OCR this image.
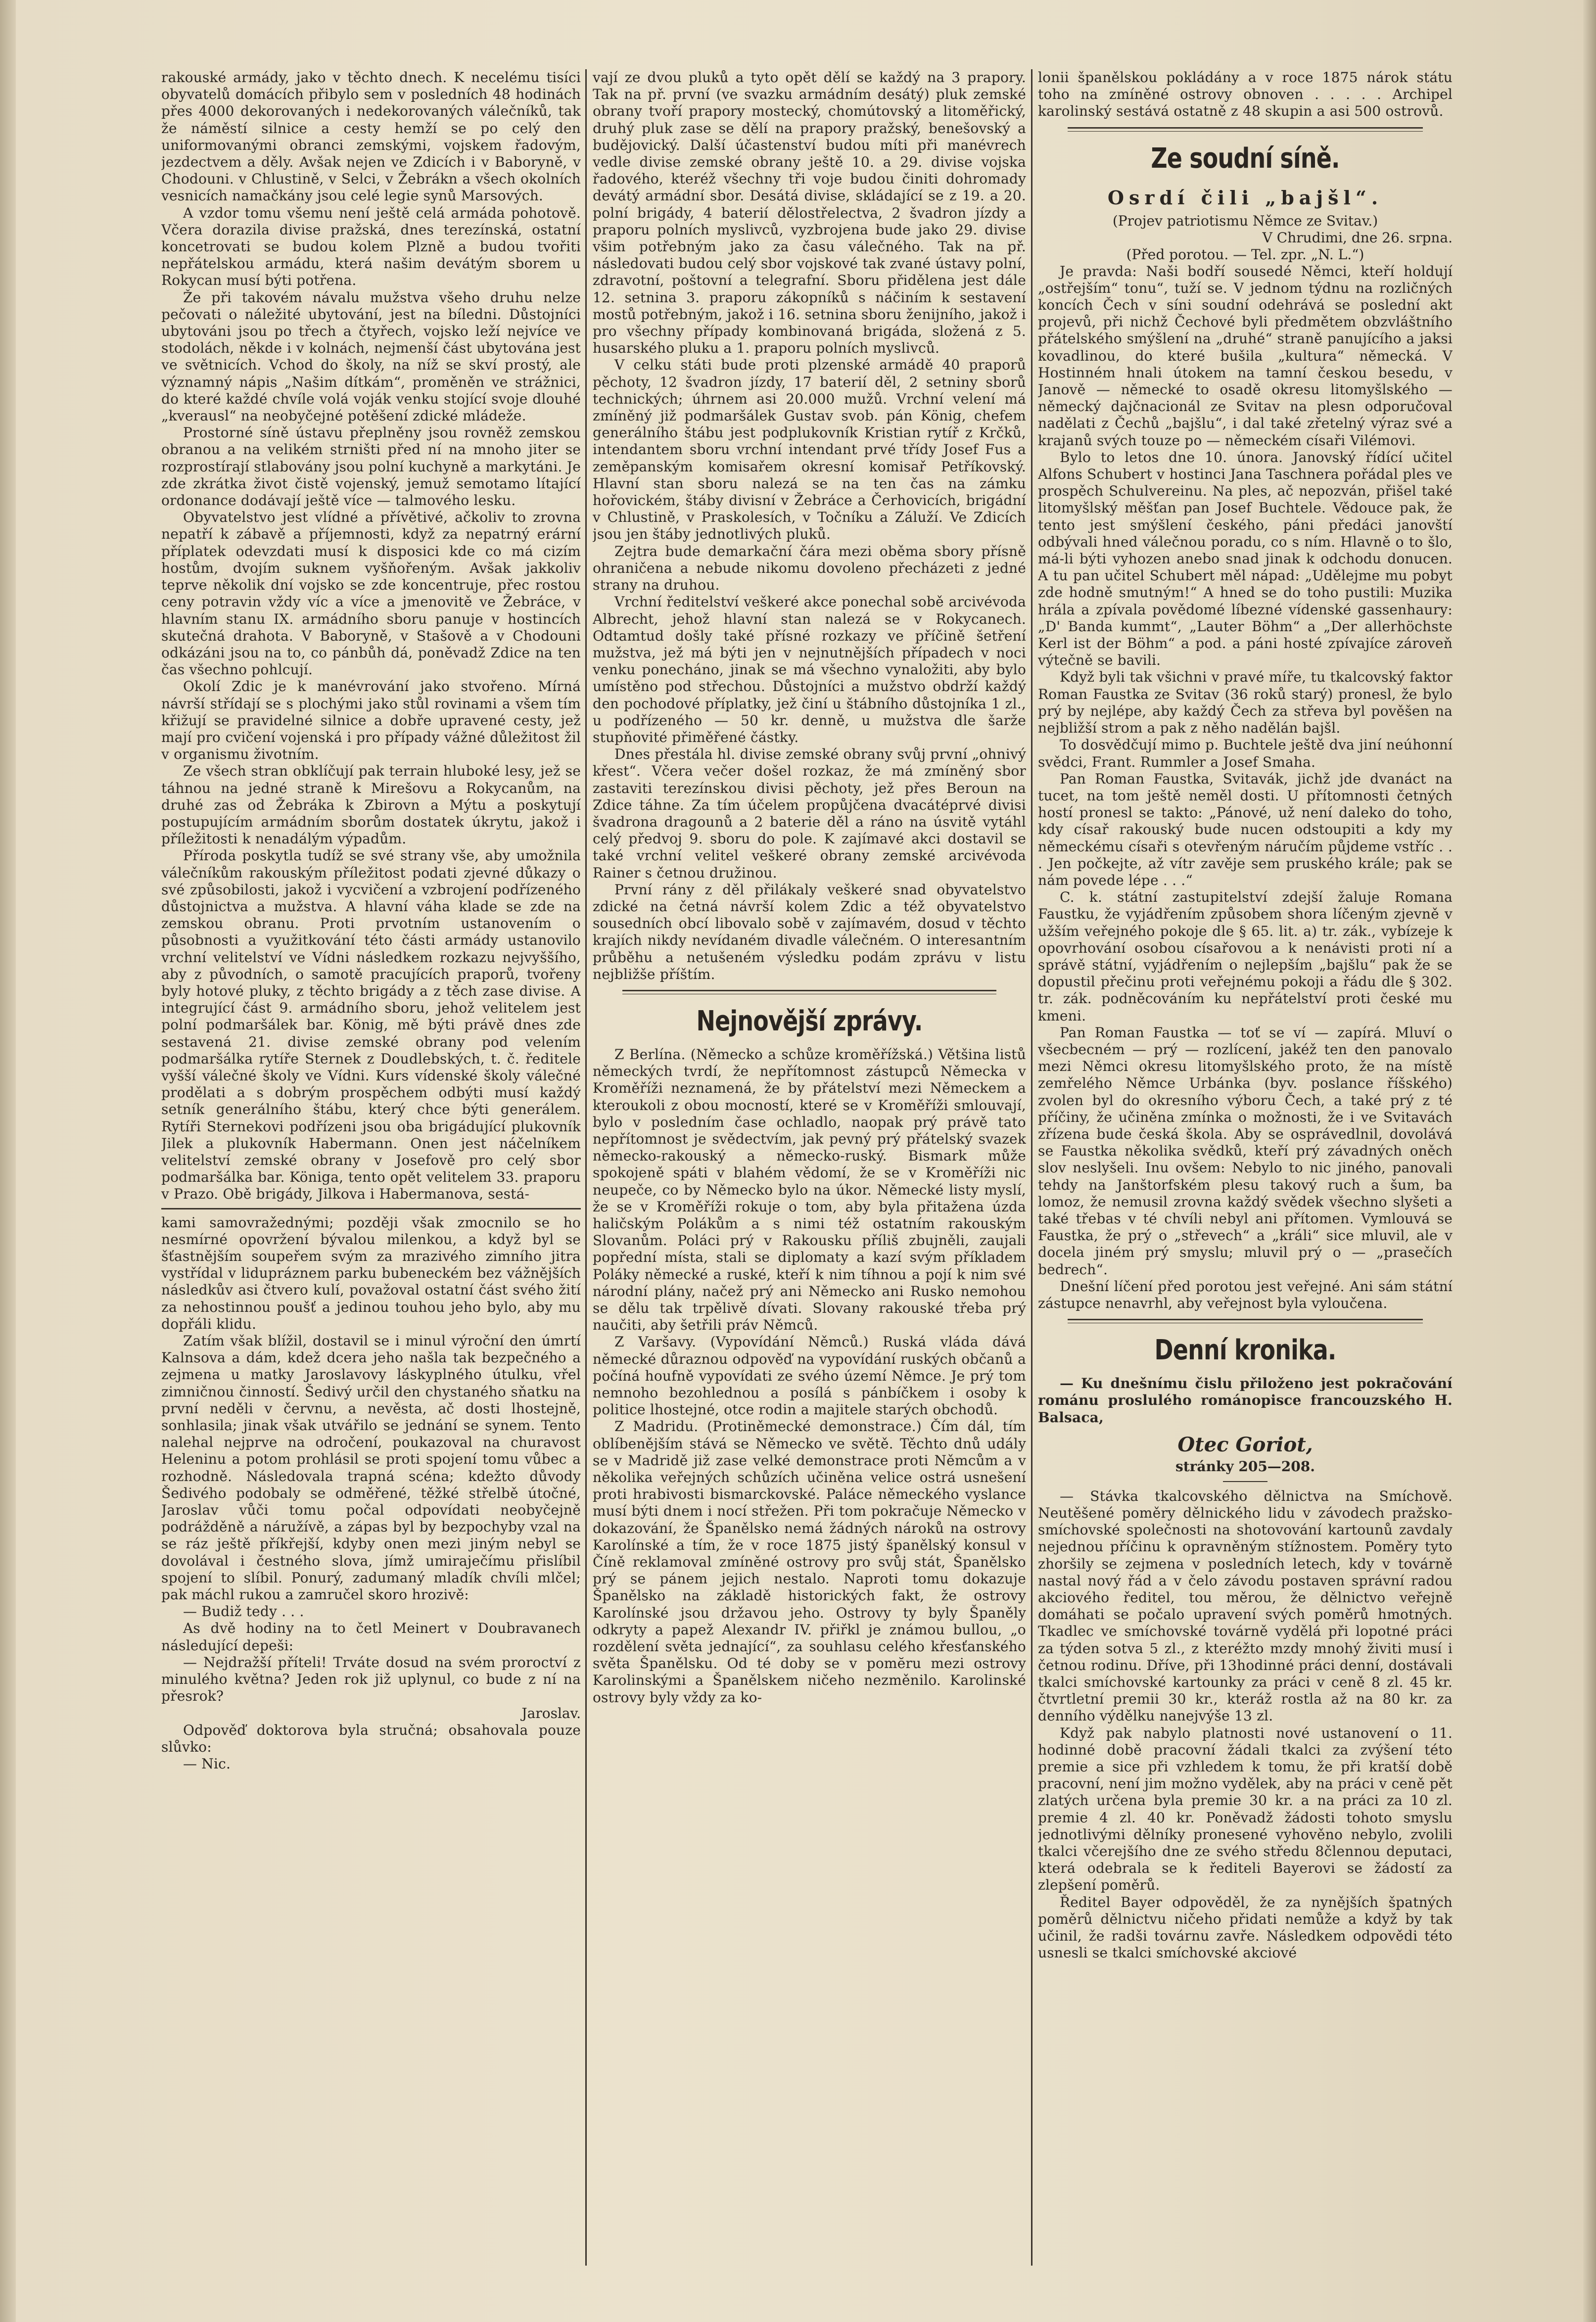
rakouské armády, jako v těchto dnech. K necelému tisíci obyvatelů domácích přibylo sem v posledních 48 hodinách přes 4000 dekorovaných i nedekorovaných válečníků, tak že náměstí silnice a cesty hemží se po celý den uniformovanými obranci zemskými, vojskem řadovým, jezdectvem a děly. Avšak nejen ve Zdicích i v Baboryně, v Chodouni. v Chlustině, v Selci, v Žebrákn a všech okolních vesnicích namačkány jsou celé legie synů Marsových.

A vzdor tomu všemu není ještě celá armáda pohotově. Včera dorazila divise pražská, dnes terezínská, ostatní koncetrovati se budou kolem Plzně a budou tvořiti nepřátelskou armádu, která našim devátým sborem u Rokycan musí býti potřena.

Že při takovém návalu mužstva všeho druhu nelze pečovati o náležité ubytování, jest na bíledni. Důstojníci ubytováni jsou po třech a čtyřech, vojsko leží nejvíce ve stodolách, někde i v kolnách, nejmenší část ubytována jest ve světnicích. Vchod do školy, na níž se skví prostý, ale významný nápis „Našim dítkám“, proměněn ve strážnici, do které každé chvíle volá voják venku stojící svoje dlouhé „kverausl“ na neobyčejné potěšení zdické mládeže.

Prostorné síně ústavu přeplněny jsou rovněž zemskou obranou a na velikém strništi před ní na mnoho jiter se rozprostírají stlabovány jsou polní kuchyně a markytáni. Je zde zkrátka život čistě vojenský, jemuž semotamo lítající ordonance dodávají ještě více — talmového lesku.

Obyvatelstvo jest vlídné a přívětivé, ačkoliv to zrovna nepatří k zábavě a příjemnosti, když za nepatrný erární příplatek odevzdati musí k disposici kde co má cizím hostům, dvojím suknem vyšňořeným. Avšak jakkoliv teprve několik dní vojsko se zde koncentruje, přec rostou ceny potravin vždy víc a více a jmenovitě ve Žebrácе, v hlavním stanu IX. armádního sboru panuje v hostincích skutečná drahota. V Baboryně, v Stašově a v Chodouni odkázáni jsou na to, co pánbůh dá, poněvadž Zdice na ten čas všechno pohlcují.

Okolí Zdic je k manévrování jako stvořeno. Mírná návrší střídají se s plochými jako stůl rovinami a všem tím křižují se pravidelné silnice a dobře upravené cesty, jež mají pro cvičení vojenská i pro případy vážné důležitost žil v organismu životním.

Ze všech stran obklíčují pak terrain hluboké lesy, jež se táhnou na jedné straně k Mirešovu a Rokycanům, na druhé zas od Žebráka k Zbirovn a Mýtu a poskytují postupujícím armádním sborům dostatek úkrytu, jakož i příležitosti k nenadálým výpadům.

Příroda poskytla tudíž se své strany vše, aby umožnila válečníkům rakouským příležitost podati zjevné důkazy o své způsobilosti, jakož i vycvičení a vzbrojení podřízeného důstojnictva a mužstva. A hlavní váha klade se zde na zemskou obranu. Proti prvotním ustanovením o působnosti a využitkování této části armády ustanovilo vrchní velitelství ve Vídni následkem rozkazu nejvyššího, aby z původních, o samotě pracujících praporů, tvořeny byly hotové pluky, z těchto brigády a z těch zase divise. A integrující část 9. armádního sboru, jehož velitelem jest polní podmaršálek bar. König, mě býti právě dnes zde sestavená 21. divise zemské obrany pod velením podmaršálka rytíře Sternek z Doudlebských, t. č. ředitele vyšší válečné školy ve Vídni. Kurs vídenské školy válečné prodělati a s dobrým prospěchem odbýti musí každý setník generálního štábu, který chce býti generálem. Rytíři Sternekovi podřízeni jsou oba brigádující plukovník Jilek a plukovník Habermann. Onen jest náčelníkem velitelství zemské obrany v Josefově pro celý sbor podmaršálka bar. Königa, tento opět velitelem 33. praporu v Prazo. Obě brigády, Jilkova i Habermanova, sestá-

kami samovražednými; později však zmocnilo se ho nesmírné opovržení bývalou milenkou, a když byl se šťastnějším soupeřem svým za mrazivého zimního jitra vystřídal v lidupráznem parku bubeneckém bez vážnějších následkův asi čtvero kulí, považoval ostatní část svého žití za nehostinnou poušť a jedinou touhou jeho bylo, aby mu dopřáli klidu.

Zatím však blížil, dostavil se i minul výroční den úmrtí Kalnsova a dám, kdež dcera jeho našla tak bezpečného a zejmena u matky Jaroslavovy láskyplného útulku, vřel zimničnou činností. Šedivý určil den chystaného sňatku na první neděli v červnu, a nevěsta, ač dosti lhostejně, sonhlasila; jinak však utvářilo se jednání se synem. Tento nalehal nejprve na odročení, poukazoval na churavost Heleninu a potom prohlásil se proti spojení tomu vůbec a rozhodně. Následovala trapná scéna; kdežto důvody Šedivého podobaly se odměřené, těžké střelbě útočné, Jaroslav vůči tomu počal odpovídati neobyčejně podrážděně a náružívě, a zápas byl by bezpochyby vzal na se ráz ještě příkřejší, kdyby onen mezi jiným nebyl se dovolával i čestného slova, jímž umiraječímu přislíbil spojení to slíbil. Ponurý, zadumaný mladík chvíli mlčel; pak máchl rukou a zamručel skoro hrozivě:

— Budiž tedy . . .

As dvě hodiny na to četl Meinert v Doubravanech následující depeši:

— Nejdražší příteli! Trváte dosud na svém proroctví z minulého května? Jeden rok již uplynul, co bude z ní na přesrok?

Jaroslav.

Odpověď doktorova byla stručná; obsahovala pouze slůvko:

— Nic.

vají ze dvou pluků a tyto opět dělí se každý na 3 prapory. Tak na př. první (ve svazku armádním desátý) pluk zemské obrany tvoří prapory mostecký, chomútovský a litoměřický, druhý pluk zase se dělí na prapory pražský, benešovský a budějovický. Další účastenství budou míti při manévrech vedle divise zemské obrany ještě 10. a 29. divise vojska řadového, kteréž všechny tři voje budou činiti dohromady devátý armádní sbor. Desátá divise, skládající se z 19. a 20. polní brigády, 4 baterií dělostřelectva, 2 švadron jízdy a praporu polních myslivců, vyzbrojena bude jako 29. divise všim potřebným jako za času válečného. Tak na př. následovati budou celý sbor vojskové tak zvané ústavy polní, zdravotní, poštovní a telegrafní. Sboru přidělena jest dále 12. setnina 3. praporu zákopníků s náčiním k sestavení mostů potřebným, jakož i 16. setnina sboru ženijního, jakož i pro všechny případy kombinovaná brigáda, složená z 5. husarského pluku a 1. praporu polních myslivců.

V celku státi bude proti plzenské armádě 40 praporů pěchoty, 12 švadron jízdy, 17 baterií děl, 2 setniny sborů technických; úhrnem asi 20.000 mužů. Vrchní velení má zmíněný již podmaršálek Gustav svob. pán König, chefem generálního štábu jest podplukovník Kristian rytíř z Krčků, intendantem sboru vrchní intendant prvé třídy Josef Fus a zeměpanským komisařem okresní komisař Petříkovský. Hlavní stan sboru nalezá se na ten čas na zámku hořovickém, štáby divisní v Žebráce a Čerhovicích, brigádní v Chlustině, v Praskolesích, v Točníku a Záluží. Ve Zdicích jsou jen štáby jednotlivých pluků.

Zejtra bude demarkační čára mezi oběma sbory přísně ohraničena a nebude nikomu dovoleno přecházeti z jedné strany na druhou.

Vrchní ředitelství veškeré akce ponechal sobě arcivévoda Albrecht, jehož hlavní stan nalezá se v Rokycanech. Odtamtud došly také přísné rozkazy ve příčině šetření mužstva, jež má býti jen v nejnutnějších případech v noci venku ponecháno, jinak se má všechno vynaložiti, aby bylo umístěno pod střechou. Důstojníci a mužstvo obdrží každý den pochodové příplatky, jež činí u štábního důstojníka 1 zl., u podřízeného — 50 kr. denně, u mužstva dle šarže stupňovité přiměřené částky.

Dnes přestála hl. divise zemské obrany svůj první „ohnivý křest“. Včera večer došel rozkaz, že má zmíněný sbor zastaviti terezínskou divisi pěchoty, jež přes Beroun na Zdice táhne. Za tím účelem propůjčena dvacátéprvé divisi švadrona dragounů a 2 baterie děl a ráno na úsvitě vytáhl celý předvoj 9. sboru do pole. K zajímavé akci dostavil se také vrchní velitel veškeré obrany zemské arcivévoda Rainer s četnou družinou.

První rány z děl přilákaly veškeré snad obyvatelstvo zdické na četná návrší kolem Zdic a též obyvatelstvo sousedních obcí libovalo sobě v zajímavém, dosud v těchto krajích nikdy nevídaném divadle válečném. O interesantním průběhu a netušeném výsledku podám zprávu v listu nejbližše příštím.

Nejnovější zprávy.

Z Berlína. (Německo a schůze kroměřížská.) Většina listů německých tvrdí, že nepřítomnost zástupců Německa v Kroměříži neznamená, že by přátelství mezi Německem a kteroukoli z obou mocností, které se v Kroměříži smlouvají, bylo v posledním čase ochladlo, naopak prý právě tato nepřítomnost je svědectvím, jak pevný prý přátelský svazek německo-rakouský a německo-ruský. Bismark může spokojeně spáti v blahém vědomí, že se v Kroměříži nic neupeče, co by Německo bylo na úkor. Německé listy myslí, že se v Kroměříži rokuje o tom, aby byla přitažena úzda haličským Polákům a s nimi též ostatním rakouským Slovanům. Poláci prý v Rakousku příliš zbujněli, zaujali popřední místa, stali se diplomaty a kazí svým příkladem Poláky německé a ruské, kteří k nim tíhnou a pojí k nim své národní plány, načež prý ani Německo ani Rusko nemohou se dělu tak trpělivě dívati. Slovany rakouské třeba prý naučiti, aby šetřili práv Němců.

Z Varšavy. (Vypovídání Němců.) Ruská vláda dává německé důraznou odpověď na vypovídání ruských občanů a počíná houfně vypovídati ze svého území Němce. Je prý tom nemnoho bezohlednou a posílá s pánbíčkem i osoby k politice lhostejné, otce rodin a majitele starých obchodů.

Z Madridu. (Protiněmecké demonstrace.) Čím dál, tím oblíbenějším stává se Německo ve světě. Těchto dnů udály se v Madridě již zase velké demonstrace proti Němcům a v několika veřejných schůzích učiněna velice ostrá usnešení proti hrabivosti bismarckovské. Paláce německého vyslance musí býti dnem i nocí střežen. Při tom pokračuje Německo v dokazování, že Španělsko nemá žádných nároků na ostrovy Karolínské a tím, že v roce 1875 jistý španělský konsul v Číně reklamoval zmíněné ostrovy pro svůj stát, Španělsko prý se pánem jejich nestalo. Naproti tomu dokazuje Španělsko na základě historických fakt, že ostrovy Karolínské jsou državou jeho. Ostrovy ty byly Španěly odkryty a papež Alexandr IV. přiřkl je známou bullou, „o rozdělení světa jednající“, za souhlasu celého křesťanského světa Španělsku. Od té doby se v pomĕru mezi ostrovy Karolinskými a Španělskem ničeho nezměnilo. Karolinské ostrovy byly vždy za ko-

lonii španělskou pokládány a v roce 1875 nárok státu toho na zmíněné ostrovy obnoven . . . . . Archipel karolinský sestává ostatně z 48 skupin a asi 500 ostrovů.

Ze soudní síně.
Osrdí čili „bajšl“.

(Projev patriotismu Němce ze Svitav.)

V Chrudimi, dne 26. srpna.

(Před porotou. — Tel. zpr. „N. L.“)

Je pravda: Naši bodří sousedé Němci, kteří holdují „ostřejším“ tonu“, tuží se. V jednom týdnu na rozličných koncích Čech v síni soudní odehrává se poslední akt projevů, při nichž Čechové byli předmětem obzvláštního přátelského smýšlení na „druhé“ straně panujícího a jaksi kovadlinou, do které bušila „kultura“ německá. V Hostinném hnali útokem na tamní českou besedu, v Janově — německé to osadě okresu litomyšlského — německý dajčnacionál ze Svitav na plesn odporučoval nadělati z Čechů „bajšlu“, i dal také zřetelný výraz své a krajanů svých touze po — německém císaři Vilémovi.

Bylo to letos dne 10. února. Janovský řídící učitel Alfons Schubert v hostinci Jana Taschnera pořádal ples ve prospěch Schulvereinu. Na ples, ač nepozván, přišel také litomyšlský měšťan pan Josef Buchtele. Vědouce pak, že tento jest smýšlení českého, páni předáci janovští odbývali hned válečnou poradu, co s ním. Hlavně o to šlo, má-li býti vyhozen anebo snad jinak k odchodu donucen. A tu pan učitel Schubert měl nápad: „Udělejme mu pobyt zde hodně smutným!“ A hned se do toho pustili: Muzika hrála a zpívala povědomé líbezné vídenské gassenhaury: „D' Banda kummt“, „Lauter Böhm“ a „Der allerhöchste Kerl ist der Böhm“ a pod. a páni hosté zpívajíce zároveň výtečně se bavili.

Když byli tak všichni v pravé míře, tu tkalcovský faktor Roman Faustka ze Svitav (36 roků starý) pronesl, že bylo prý by nejlépe, aby každý Čech za střeva byl pověšen na nejbližší strom a pak z něho nadělán bajšl.

To dosvědčují mimo p. Buchtele ještě dva jiní neúhonní svědci, Frant. Rummler a Josef Smaha.

Pan Roman Faustka, Svitavák, jichž jde dvanáct na tucet, na tom ještě neměl dosti. U přítomnosti četných hostí pronesl se takto: „Pánové, už není daleko do toho, kdy císař rakouský bude nucen odstoupiti a kdy my německému císaři s otevřeným náručím půjdeme vstříc . . . Jen počkejte, až vítr zavěje sem pruského krále; pak se nám povede lépe . . .“

C. k. státní zastupitelství zdejší žaluje Romana Faustku, že vyjádřením způsobem shora líčeným zjevně v užším veřejného pokoje dle § 65. lit. a) tr. zák., vybízeje k opovrhování osobou císařovou a k nenávisti proti ní a správě státní, vyjádřením o nejlepším „bajšlu“ pak že se dopustil přečinu proti veřejnému pokoji a řádu dle § 302. tr. zák. podněcováním ku nepřátelství proti české mu kmeni.

Pan Roman Faustka — toť se ví — zapírá. Mluví o všecbecném — prý — rozlícení, jakéž ten den panovalo mezi Němci okresu litomyšlského proto, že na místě zemřelého Němce Urbánka (byv. poslance říšského) zvolen byl do okresního výboru Čech, a také prý z té příčiny, že učiněna zmínka o možnosti, že i ve Svitavách zřízena bude česká škola. Aby se osprávedlnil, dovolává se Faustka několika svědků, kteří prý závadných oněch slov neslyšeli. Inu ovšem: Nebylo to nic jiného, panovali tehdy na Janštorfském plesu takový ruch a šum, ba lomoz, že nemusil zrovna každý svědek všechno slyšeti a také třebas v té chvíli nebyl ani přítomen. Vymlouvá se Faustka, že prý o „střevech“ a „králi“ sice mluvil, ale v docela jiném prý smyslu; mluvil prý o — „prasečích bedrech“.

Dnešní líčení před porotou jest veřejné. Ani sám státní zástupce nenavrhl, aby veřejnost byla vyloučena.

Denní kronika.

— Ku dnešnímu čislu přiloženo jest pokračování románu proslulého románopisce francouzského H. Balsaca,

Otec Goriot,

stránky 205—208.

— Stávka tkalcovského dělnictva na Smíchově. Neutěšené poměry dělnického lidu v závodech pražsko-smíchovské společnosti na shotovování kartounů zavdaly nejednou příčinu k opravněným stížnostem. Poměry tyto zhoršily se zejmena v posledních letech, kdy v továrně nastal nový řád a v čelo závodu postaven správní radou akciového ředitel, tou měrou, že dělnictvo veřejně domáhati se počalo upravení svých poměrů hmotných. Tkadlec ve smíchovské továrně vydělá při lopotné práci za týden sotva 5 zl., z kteréžto mzdy mnohý živiti musí i četnou rodinu. Dříve, při 13hodinné práci denní, dostávali tkalci smíchovské kartounky za práci v ceně 8 zl. 45 kr. čtvrtletní premii 30 kr., kteráž rostla až na 80 kr. za denního výdělku nanejvýše 13 zl.

Když pak nabylo platnosti nové ustanovení o 11. hodinné době pracovní žádali tkalci za zvýšení této premie a sice při vzhledem k tomu, že při kratší době pracovní, není jim možno vydělek, aby na práci v ceně pět zlatých určena byla premie 30 kr. a na práci za 10 zl. premie 4 zl. 40 kr. Poněvadž žádosti tohoto smyslu jednotlivými dělníky pronesené vyhověno nebylo, zvolili tkalci včerejšího dne ze svého středu 8člennou deputaci, která odebrala se k řediteli Bayerovi se žádostí za zlepšení poměrů.

Ředitel Bayer odpověděl, že za nynějších špatných poměrů dělnictvu ničeho přidati nemůže a když by tak učinil, že radši továrnu zavře. Následkem odpovědi této usnesli se tkalci smíchovské akciové
